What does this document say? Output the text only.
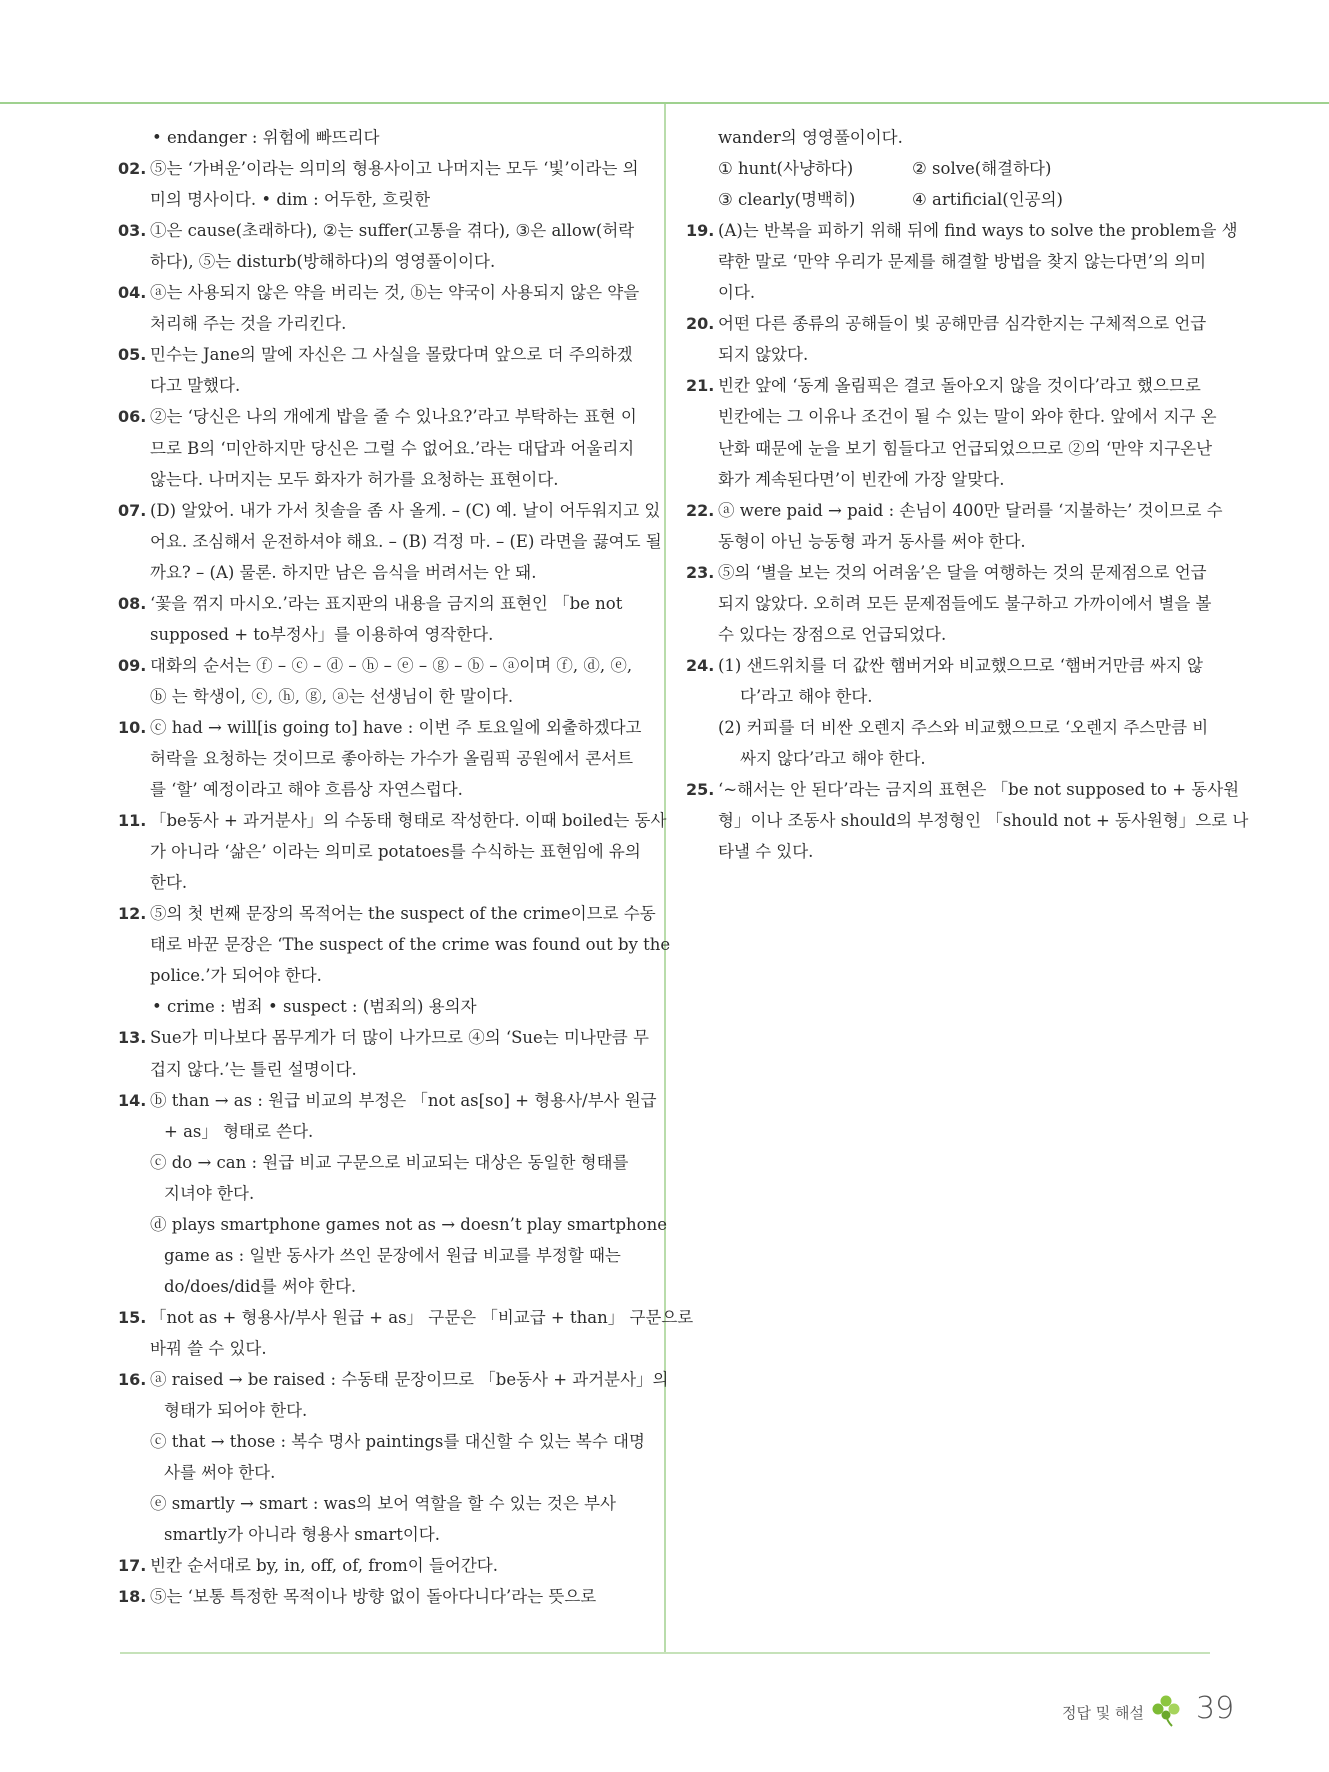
• endanger : 위험에 빠뜨리다
02. ⑤는 ‘가벼운’이라는 의미의 형용사이고 나머지는 모두 ‘빛’이라는 의
미의 명사이다. • dim : 어두한, 흐릿한
03. ①은 cause(초래하다), ②는 suffer(고통을 겪다), ③은 allow(허락
하다), ⑤는 disturb(방해하다)의 영영풀이이다.
04. ⓐ는 사용되지 않은 약을 버리는 것, ⓑ는 약국이 사용되지 않은 약을
처리해 주는 것을 가리킨다.
05. 민수는 Jane의 말에 자신은 그 사실을 몰랐다며 앞으로 더 주의하겠
다고 말했다.
06. ②는 ‘당신은 나의 개에게 밥을 줄 수 있나요?’라고 부탁하는 표현 이
므로 B의 ‘미안하지만 당신은 그럴 수 없어요.’라는 대답과 어울리지
않는다. 나머지는 모두 화자가 허가를 요청하는 표현이다.
07. (D) 알았어. 내가 가서 칫솔을 좀 사 올게. – (C) 예. 날이 어두워지고 있
어요. 조심해서 운전하셔야 해요. – (B) 걱정 마. – (E) 라면을 끓여도 될
까요? – (A) 물론. 하지만 남은 음식을 버려서는 안 돼.
08. ‘꽃을 꺾지 마시오.’라는 표지판의 내용을 금지의 표현인 「be not
supposed + to부정사」를 이용하여 영작한다.
09. 대화의 순서는 ⓕ – ⓒ – ⓓ – ⓗ – ⓔ – ⓖ – ⓑ – ⓐ이며 ⓕ, ⓓ, ⓔ,
ⓑ 는 학생이, ⓒ, ⓗ, ⓖ, ⓐ는 선생님이 한 말이다.
10. ⓒ had → will[is going to] have : 이번 주 토요일에 외출하겠다고
허락을 요청하는 것이므로 좋아하는 가수가 올림픽 공원에서 콘서트
를 ‘할’ 예정이라고 해야 흐름상 자연스럽다.
11. 「be동사 + 과거분사」의 수동태 형태로 작성한다. 이때 boiled는 동사
가 아니라 ‘삶은’ 이라는 의미로 potatoes를 수식하는 표현임에 유의
한다.
12. ⑤의 첫 번째 문장의 목적어는 the suspect of the crime이므로 수동
태로 바꾼 문장은 ‘The suspect of the crime was found out by the
police.’가 되어야 한다.
• crime : 범죄 • suspect : (범죄의) 용의자
13. Sue가 미나보다 몸무게가 더 많이 나가므로 ④의 ‘Sue는 미나만큼 무
겁지 않다.’는 틀린 설명이다.
14. ⓑ than → as : 원급 비교의 부정은 「not as[so] + 형용사/부사 원급
+ as」 형태로 쓴다.
ⓒ do → can : 원급 비교 구문으로 비교되는 대상은 동일한 형태를
지녀야 한다.
ⓓ plays smartphone games not as → doesn’t play smartphone
game as : 일반 동사가 쓰인 문장에서 원급 비교를 부정할 때는
do/does/did를 써야 한다.
15. 「not as + 형용사/부사 원급 + as」 구문은 「비교급 + than」 구문으로
바꿔 쓸 수 있다.
16. ⓐ raised → be raised : 수동태 문장이므로 「be동사 + 과거분사」의
형태가 되어야 한다.
ⓒ that → those : 복수 명사 paintings를 대신할 수 있는 복수 대명
사를 써야 한다.
ⓔ smartly → smart : was의 보어 역할을 할 수 있는 것은 부사
smartly가 아니라 형용사 smart이다.
17. 빈칸 순서대로 by, in, off, of, from이 들어간다.
18. ⑤는 ‘보통 특정한 목적이나 방향 없이 돌아다니다’라는 뜻으로
wander의 영영풀이이다.
① hunt(사냥하다)	② solve(해결하다)
③ clearly(명백히)	④ artificial(인공의)
19. (A)는 반복을 피하기 위해 뒤에 find ways to solve the problem을 생
략한 말로 ‘만약 우리가 문제를 해결할 방법을 찾지 않는다면’의 의미
이다.
20. 어떤 다른 종류의 공해들이 빛 공해만큼 심각한지는 구체적으로 언급
되지 않았다.
21. 빈칸 앞에 ‘동계 올림픽은 결코 돌아오지 않을 것이다’라고 했으므로
빈칸에는 그 이유나 조건이 될 수 있는 말이 와야 한다. 앞에서 지구 온
난화 때문에 눈을 보기 힘들다고 언급되었으므로 ②의 ‘만약 지구온난
화가 계속된다면’이 빈칸에 가장 알맞다.
22. ⓐ were paid → paid : 손님이 400만 달러를 ‘지불하는’ 것이므로 수
동형이 아닌 능동형 과거 동사를 써야 한다.
23. ⑤의 ‘별을 보는 것의 어려움’은 달을 여행하는 것의 문제점으로 언급
되지 않았다. 오히려 모든 문제점들에도 불구하고 가까이에서 별을 볼
수 있다는 장점으로 언급되었다.
24. (1) 샌드위치를 더 값싼 햄버거와 비교했으므로 ‘햄버거만큼 싸지 않
다’라고 해야 한다.
(2) 커피를 더 비싼 오렌지 주스와 비교했으므로 ‘오렌지 주스만큼 비
싸지 않다’라고 해야 한다.
25. ‘~해서는 안 된다’라는 금지의 표현은 「be not supposed to + 동사원
형」이나 조동사 should의 부정형인 「should not + 동사원형」으로 나
타낼 수 있다.
정답 및 해설 39
